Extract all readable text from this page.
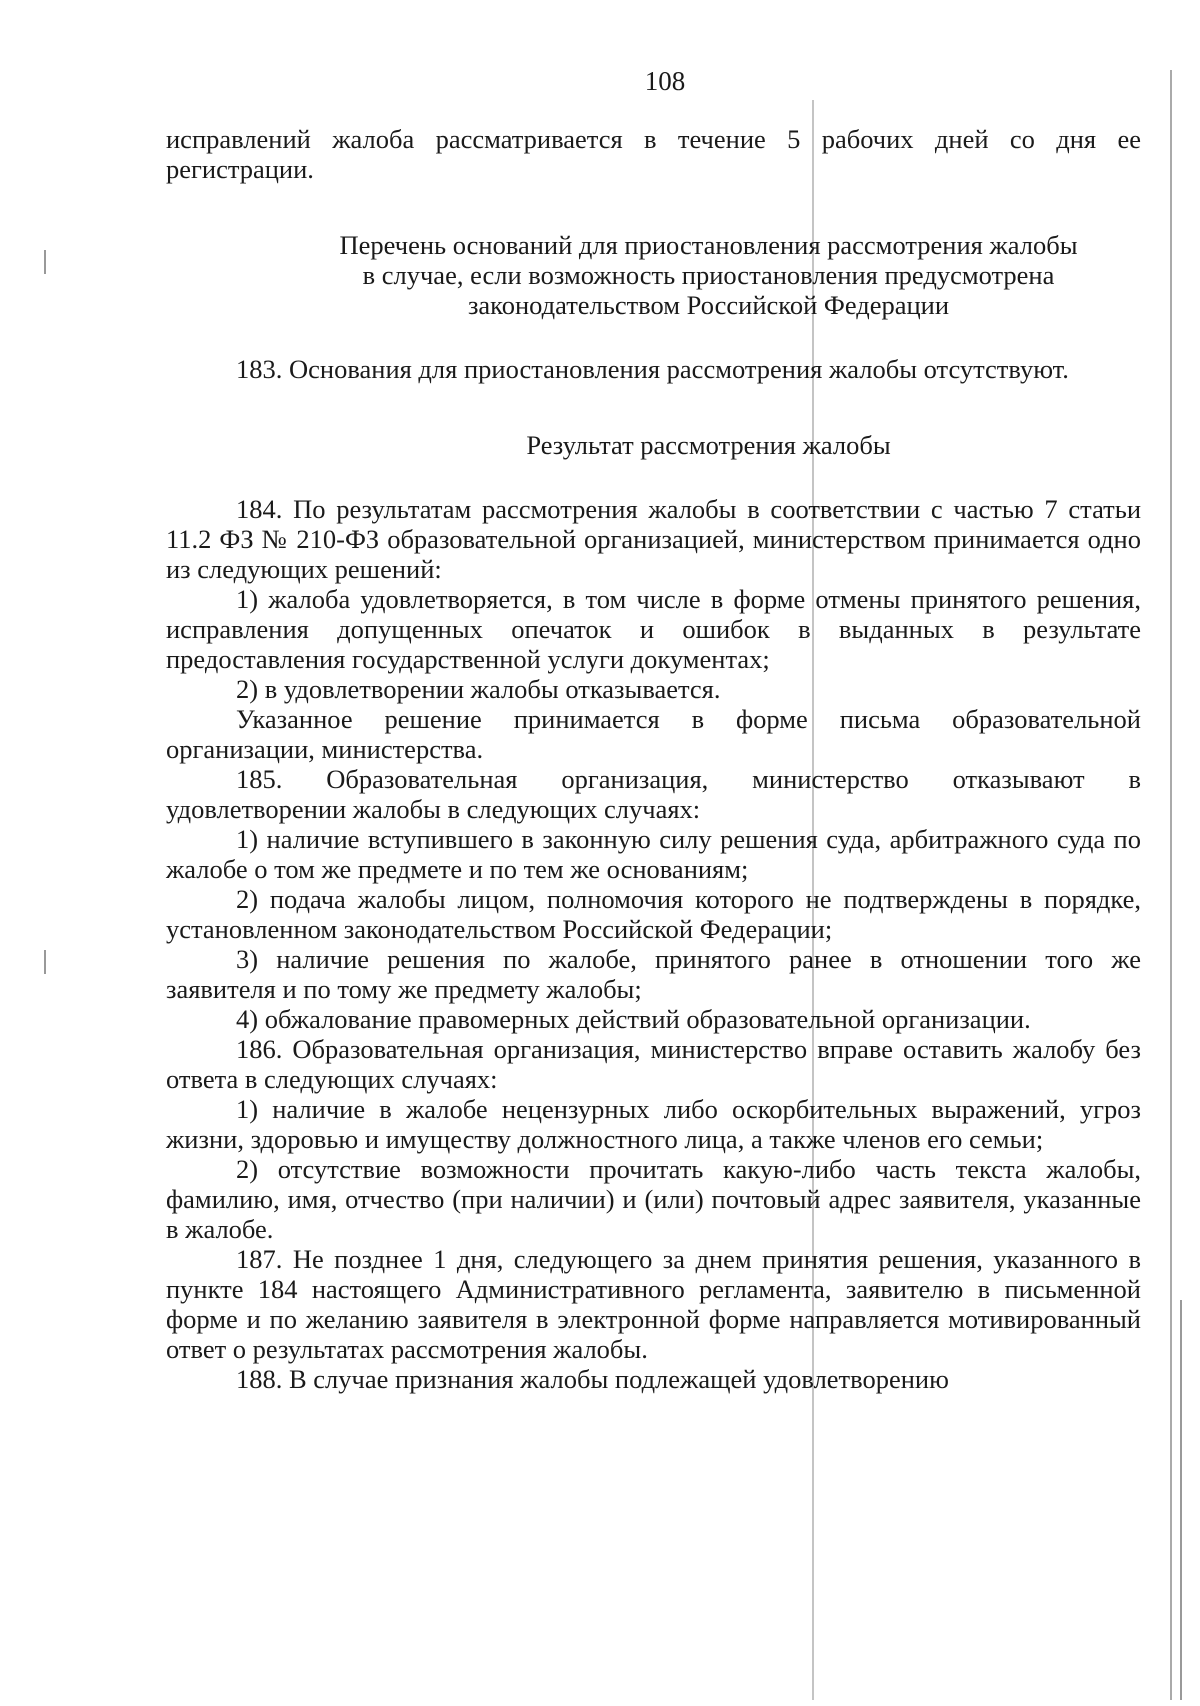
108

исправлений жалоба рассматривается в течение 5 рабочих дней со дня ее регистрации.

Перечень оснований для приостановления рассмотрения жалобы
в случае, если возможность приостановления предусмотрена
законодательством Российской Федерации

183. Основания для приостановления рассмотрения жалобы отсутствуют.

Результат рассмотрения жалобы

184. По результатам рассмотрения жалобы в соответствии с частью 7 статьи 11.2 ФЗ № 210-ФЗ образовательной организацией, министерством принимается одно из следующих решений:

1) жалоба удовлетворяется, в том числе в форме отмены принятого решения, исправления допущенных опечаток и ошибок в выданных в результате предоставления государственной услуги документах;

2) в удовлетворении жалобы отказывается.

Указанное решение принимается в форме письма образовательной организации, министерства.

185. Образовательная организация, министерство отказывают в удовлетворении жалобы в следующих случаях:

1) наличие вступившего в законную силу решения суда, арбитражного суда по жалобе о том же предмете и по тем же основаниям;

2) подача жалобы лицом, полномочия которого не подтверждены в порядке, установленном законодательством Российской Федерации;

3) наличие решения по жалобе, принятого ранее в отношении того же заявителя и по тому же предмету жалобы;

4) обжалование правомерных действий образовательной организации.

186. Образовательная организация, министерство вправе оставить жалобу без ответа в следующих случаях:

1) наличие в жалобе нецензурных либо оскорбительных выражений, угроз жизни, здоровью и имуществу должностного лица, а также членов его семьи;

2) отсутствие возможности прочитать какую-либо часть текста жалобы, фамилию, имя, отчество (при наличии) и (или) почтовый адрес заявителя, указанные в жалобе.

187. Не позднее 1 дня, следующего за днем принятия решения, указанного в пункте 184 настоящего Административного регламента, заявителю в письменной форме и по желанию заявителя в электронной форме направляется мотивированный ответ о результатах рассмотрения жалобы.

188. В случае признания жалобы подлежащей удовлетворению
